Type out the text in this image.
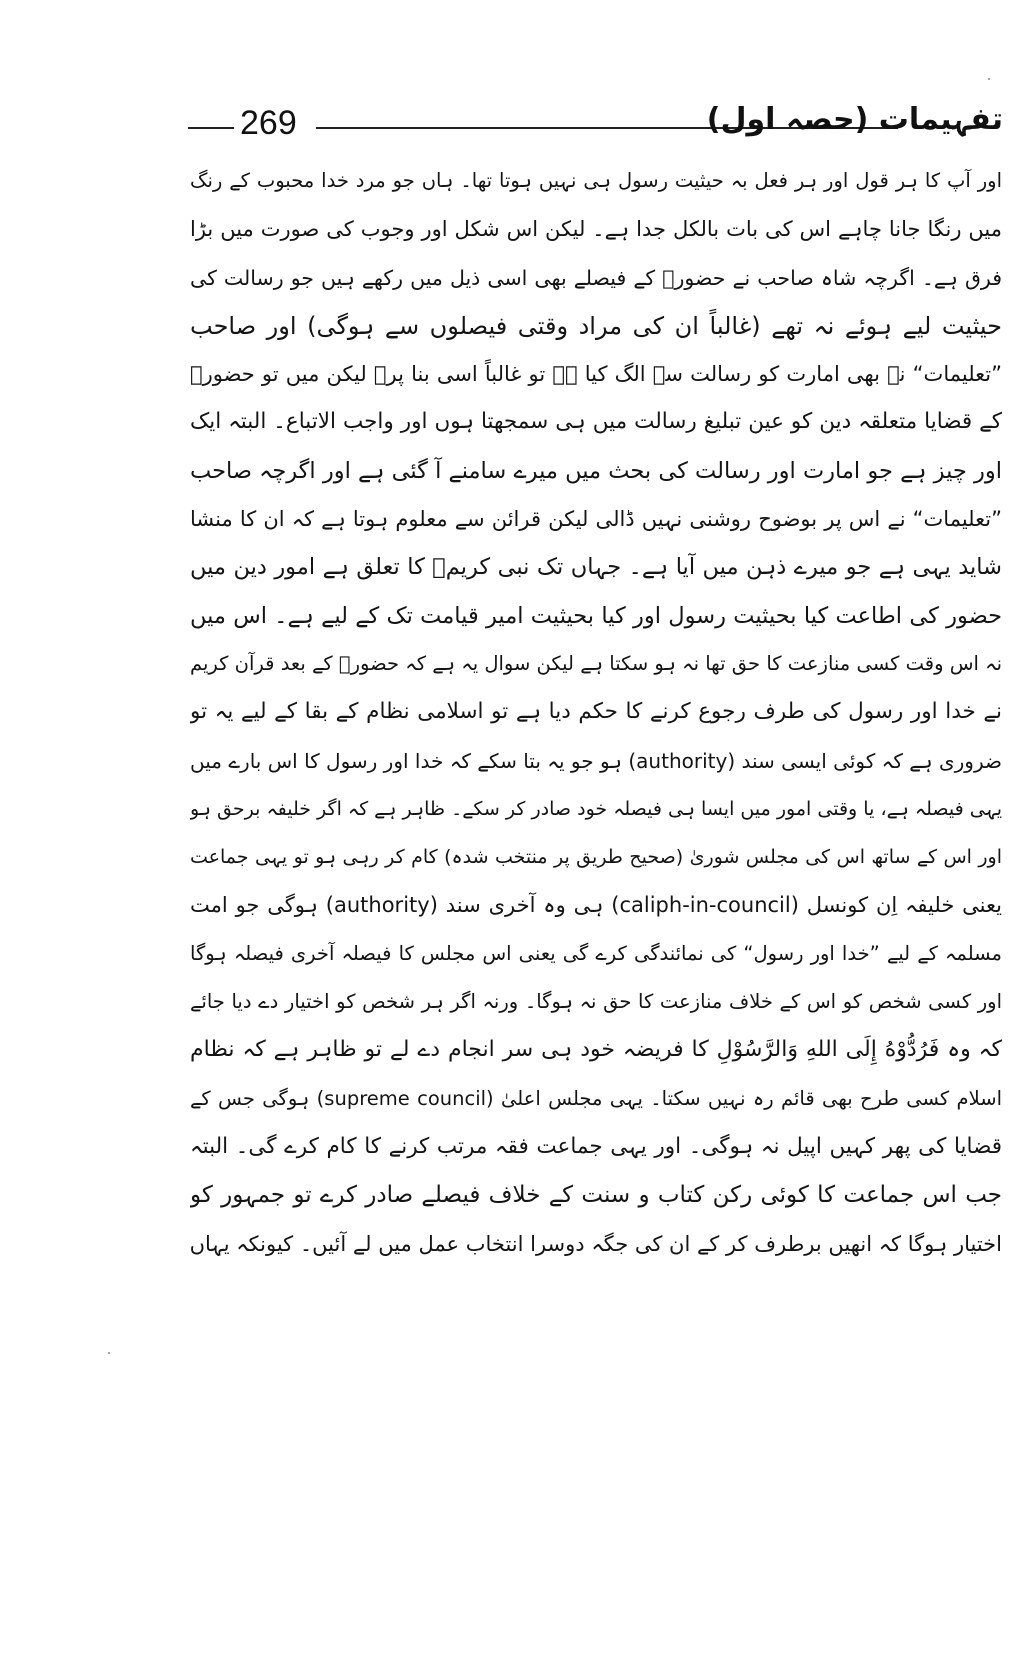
269	تفہیمات (حصہ اول)
اور آپ کا ہر قول اور ہر فعل بہ حیثیت رسول ہی نہیں ہوتا تھا۔ ہاں جو مرد خدا محبوب کے رنگ
میں رنگا جانا چاہے اس کی بات بالکل جدا ہے۔ لیکن اس شکل اور وجوب کی صورت میں بڑا
فرق ہے۔ اگرچہ شاہ صاحب نے حضورؐ کے فیصلے بھی اسی ذیل میں رکھے ہیں جو رسالت کی
حیثیت لیے ہوئے نہ تھے (غالباً ان کی مراد وقتی فیصلوں سے ہوگی) اور صاحب
”تعلیمات“ نے بھی امارت کو رسالت سے الگ کیا ہے تو غالباً اسی بنا پر۔ لیکن میں تو حضورؐ
کے قضایا متعلقہ دین کو عین تبلیغ رسالت میں ہی سمجھتا ہوں اور واجب الاتباع۔ البتہ ایک
اور چیز ہے جو امارت اور رسالت کی بحث میں میرے سامنے آ گئی ہے اور اگرچہ صاحب
”تعلیمات“ نے اس پر بوضوح روشنی نہیں ڈالی لیکن قرائن سے معلوم ہوتا ہے کہ ان کا منشا
شاید یہی ہے جو میرے ذہن میں آیا ہے۔ جہاں تک نبی کریمؐ کا تعلق ہے امور دین میں
حضور کی اطاعت کیا بحیثیت رسول اور کیا بحیثیت امیر قیامت تک کے لیے ہے۔ اس میں
نہ اس وقت کسی منازعت کا حق تھا نہ ہو سکتا ہے لیکن سوال یہ ہے کہ حضورؐ کے بعد قرآن کریم
نے خدا اور رسول کی طرف رجوع کرنے کا حکم دیا ہے تو اسلامی نظام کے بقا کے لیے یہ تو
ضروری ہے کہ کوئی ایسی سند (authority) ہو جو یہ بتا سکے کہ خدا اور رسول کا اس بارے میں
یہی فیصلہ ہے، یا وقتی امور میں ایسا ہی فیصلہ خود صادر کر سکے۔ ظاہر ہے کہ اگر خلیفہ برحق ہو
اور اس کے ساتھ اس کی مجلس شوریٰ (صحیح طریق پر منتخب شدہ) کام کر رہی ہو تو یہی جماعت
یعنی خلیفہ اِن کونسل (caliph-in-council) ہی وہ آخری سند (authority) ہوگی جو امت
مسلمہ کے لیے ”خدا اور رسول“ کی نمائندگی کرے گی یعنی اس مجلس کا فیصلہ آخری فیصلہ ہوگا
اور کسی شخص کو اس کے خلاف منازعت کا حق نہ ہوگا۔ ورنہ اگر ہر شخص کو اختیار دے دیا جائے
کہ وہ فَرُدُّوْهُ إِلَى اللهِ وَالرَّسُوْلِ کا فریضہ خود ہی سر انجام دے لے تو ظاہر ہے کہ نظام
اسلام کسی طرح بھی قائم رہ نہیں سکتا۔ یہی مجلس اعلیٰ (supreme council) ہوگی جس کے
قضایا کی پھر کہیں اپیل نہ ہوگی۔ اور یہی جماعت فقہ مرتب کرنے کا کام کرے گی۔ البتہ
جب اس جماعت کا کوئی رکن کتاب و سنت کے خلاف فیصلے صادر کرے تو جمہور کو
اختیار ہوگا کہ انھیں برطرف کر کے ان کی جگہ دوسرا انتخاب عمل میں لے آئیں۔ کیونکہ یہاں
